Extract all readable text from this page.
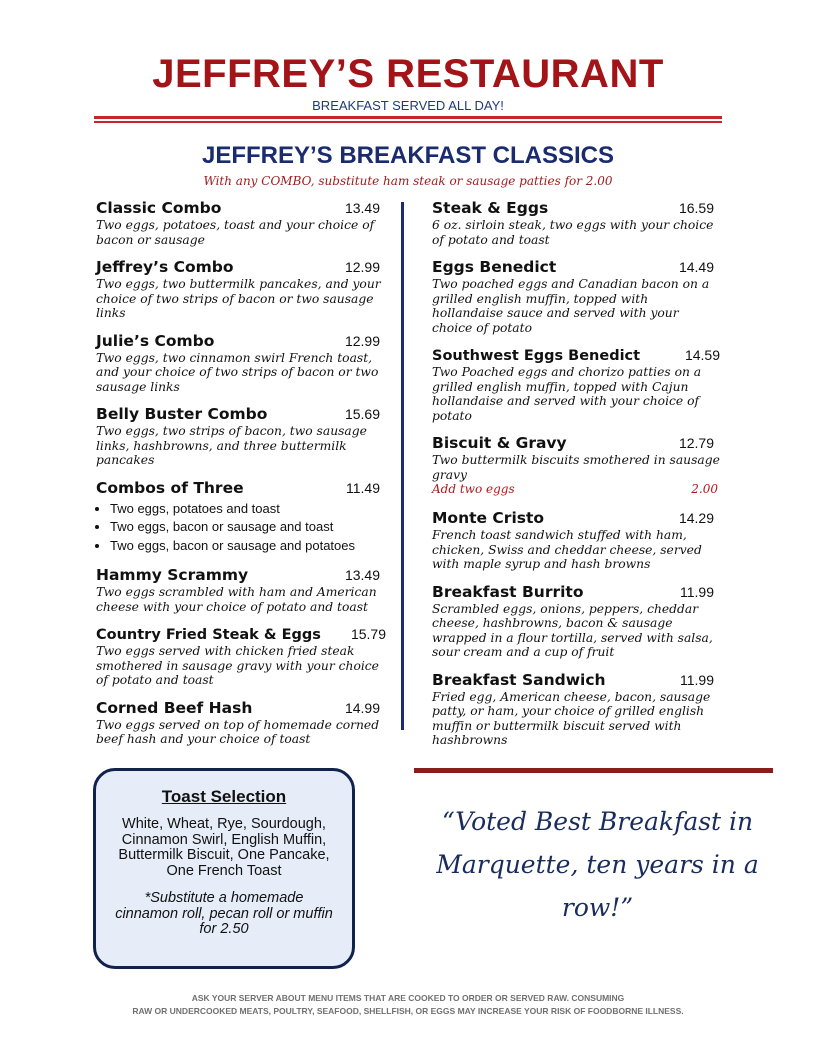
JEFFREY’S RESTAURANT
BREAKFAST SERVED ALL DAY!
JEFFREY’S BREAKFAST CLASSICS
With any COMBO, substitute ham steak or sausage patties for 2.00
Classic Combo	13.49
Two eggs, potatoes, toast and your choice of bacon or sausage
Jeffrey’s Combo	12.99
Two eggs, two buttermilk pancakes, and your choice of two strips of bacon or two sausage links
Julie’s Combo	12.99
Two eggs, two cinnamon swirl French toast, and your choice of two strips of bacon or two sausage links
Belly Buster Combo	15.69
Two eggs, two strips of bacon, two sausage links, hashbrowns, and three buttermilk pancakes
Combos of Three	11.49
• Two eggs, potatoes and toast
• Two eggs, bacon or sausage and toast
• Two eggs, bacon or sausage and potatoes
Hammy Scrammy	13.49
Two eggs scrambled with ham and American cheese with your choice of potato and toast
Country Fried Steak & Eggs 15.79
Two eggs served with chicken fried steak smothered in sausage gravy with your choice of potato and toast
Corned Beef Hash	14.99
Two eggs served on top of homemade corned beef hash and your choice of toast
Steak & Eggs	16.59
6 oz. sirloin steak, two eggs with your choice of potato and toast
Eggs Benedict	14.49
Two poached eggs and Canadian bacon on a grilled english muffin, topped with hollandaise sauce and served with your choice of potato
Southwest Eggs Benedict	14.59
Two Poached eggs and chorizo patties on a grilled english muffin, topped with Cajun hollandaise and served with your choice of potato
Biscuit & Gravy	12.79
Two buttermilk biscuits smothered in sausage gravy
Add two eggs	2.00
Monte Cristo	14.29
French toast sandwich stuffed with ham, chicken, Swiss and cheddar cheese, served with maple syrup and hash browns
Breakfast Burrito	11.99
Scrambled eggs, onions, peppers, cheddar cheese, hashbrowns, bacon & sausage wrapped in a flour tortilla, served with salsa, sour cream and a cup of fruit
Breakfast Sandwich	11.99
Fried egg, American cheese, bacon, sausage patty, or ham, your choice of grilled english muffin or buttermilk biscuit served with hashbrowns
Toast Selection
White, Wheat, Rye, Sourdough, Cinnamon Swirl, English Muffin, Buttermilk Biscuit, One Pancake, One French Toast
*Substitute a homemade cinnamon roll, pecan roll or muffin for 2.50
“Voted Best Breakfast in Marquette, ten years in a row!”
ASK YOUR SERVER ABOUT MENU ITEMS THAT ARE COOKED TO ORDER OR SERVED RAW. CONSUMING
RAW OR UNDERCOOKED MEATS, POULTRY, SEAFOOD, SHELLFISH, OR EGGS MAY INCREASE YOUR RISK OF FOODBORNE ILLNESS.
